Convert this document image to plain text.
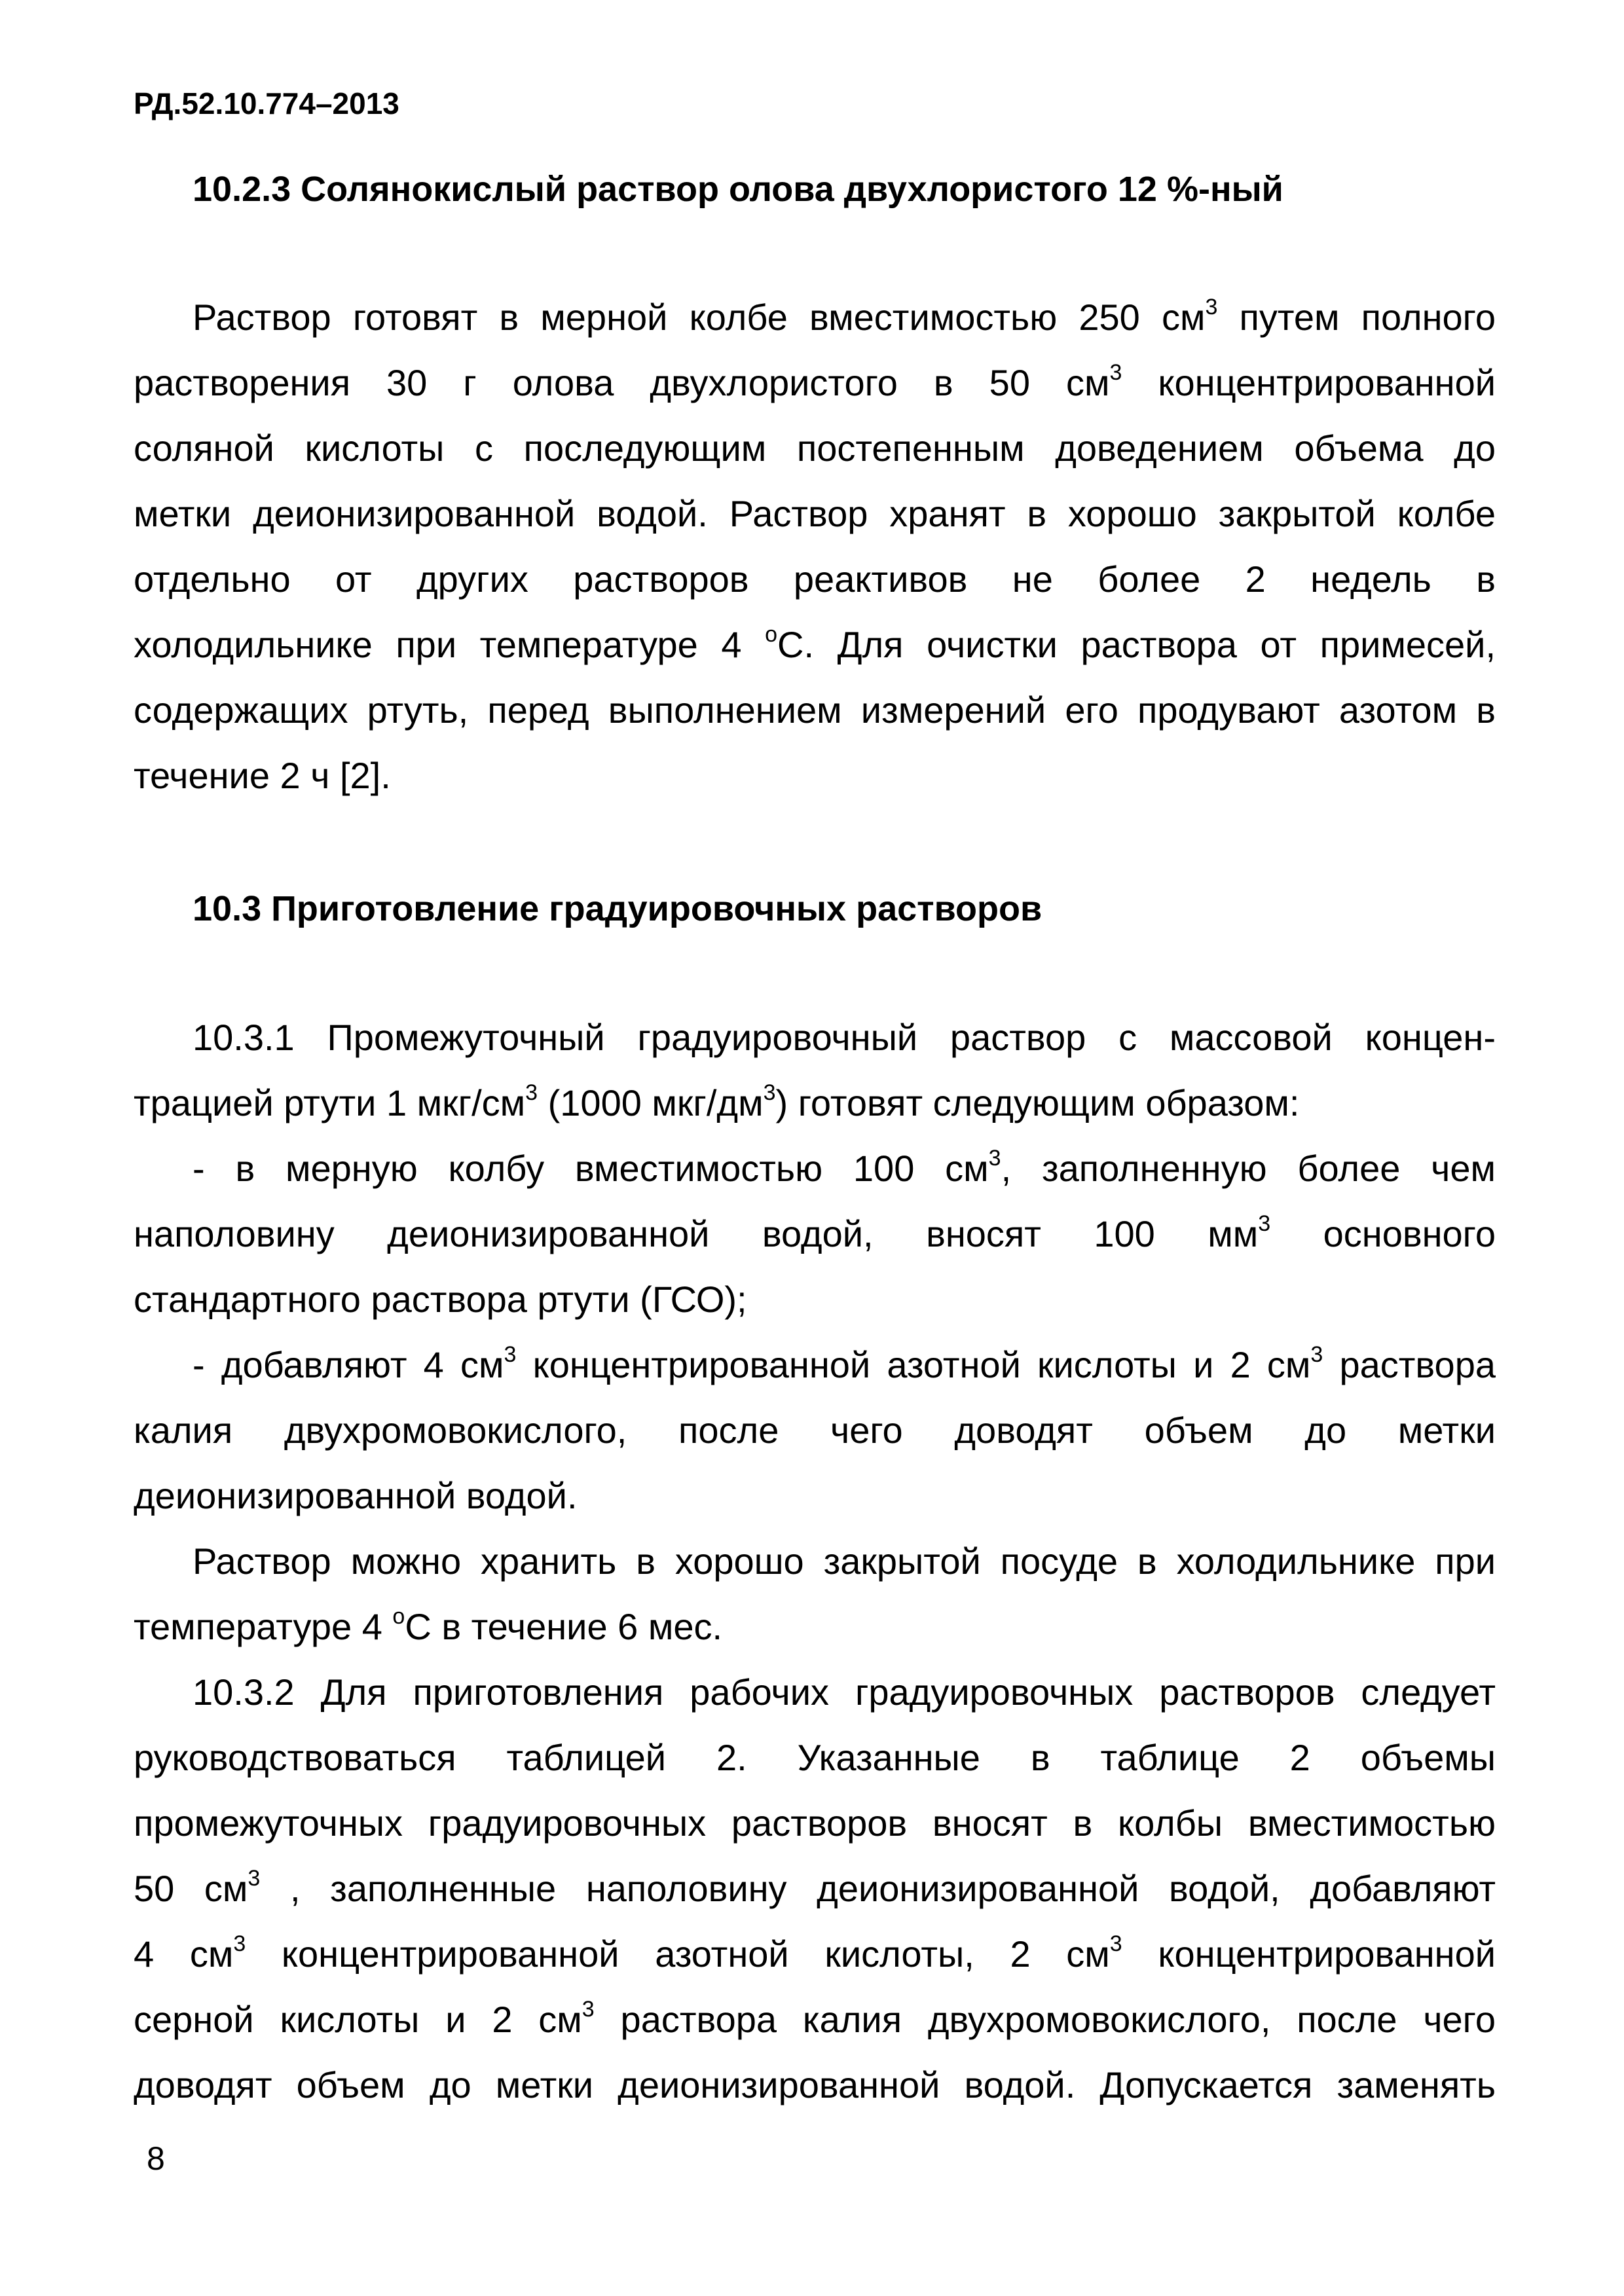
РД.52.10.774–2013
10.2.3 Солянокислый раствор олова двухлористого 12 %-ный
Раствор готовят в мерной колбе вместимостью 250 $см^3$ путем полного
растворения 30 г олова двухлористого в 50 $см^3$ концентрированной
соляной кислоты с последующим постепенным доведением объема до
метки деионизированной водой. Раствор хранят в хорошо закрытой колбе
отдельно от других растворов реактивов не более 2 недель в
холодильнике при температуре 4 $^o$С. Для очистки раствора от примесей,
содержащих ртуть, перед выполнением измерений его продувают азотом в
течение 2 ч [2].
10.3 Приготовление градуировочных растворов
10.3.1 Промежуточный градуировочный раствор с массовой концен-
трацией ртути 1 мкг/$см^3$ (1000 мкг/$дм^3$) готовят следующим образом:
- в мерную колбу вместимостью 100 $см^3$, заполненную более чем
наполовину деионизированной водой, вносят 100 $мм^3$ основного
стандартного раствора ртути (ГСО);
- добавляют 4 $см^3$ концентрированной азотной кислоты и 2 $см^3$ раствора
калия двухромовокислого, после чего доводят объем до метки
деионизированной водой.
Раствор можно хранить в хорошо закрытой посуде в холодильнике при
температуре 4 $^o$С в течение 6 мес.
10.3.2 Для приготовления рабочих градуировочных растворов следует
руководствоваться таблицей 2. Указанные в таблице 2 объемы
промежуточных градуировочных растворов вносят в колбы вместимостью
50 $см^3$ , заполненные наполовину деионизированной водой, добавляют
4 $см^3$ концентрированной азотной кислоты, 2 $см^3$ концентрированной
серной кислоты и 2 $см^3$ раствора калия двухромовокислого, после чего
доводят объем до метки деионизированной водой. Допускается заменять
8
